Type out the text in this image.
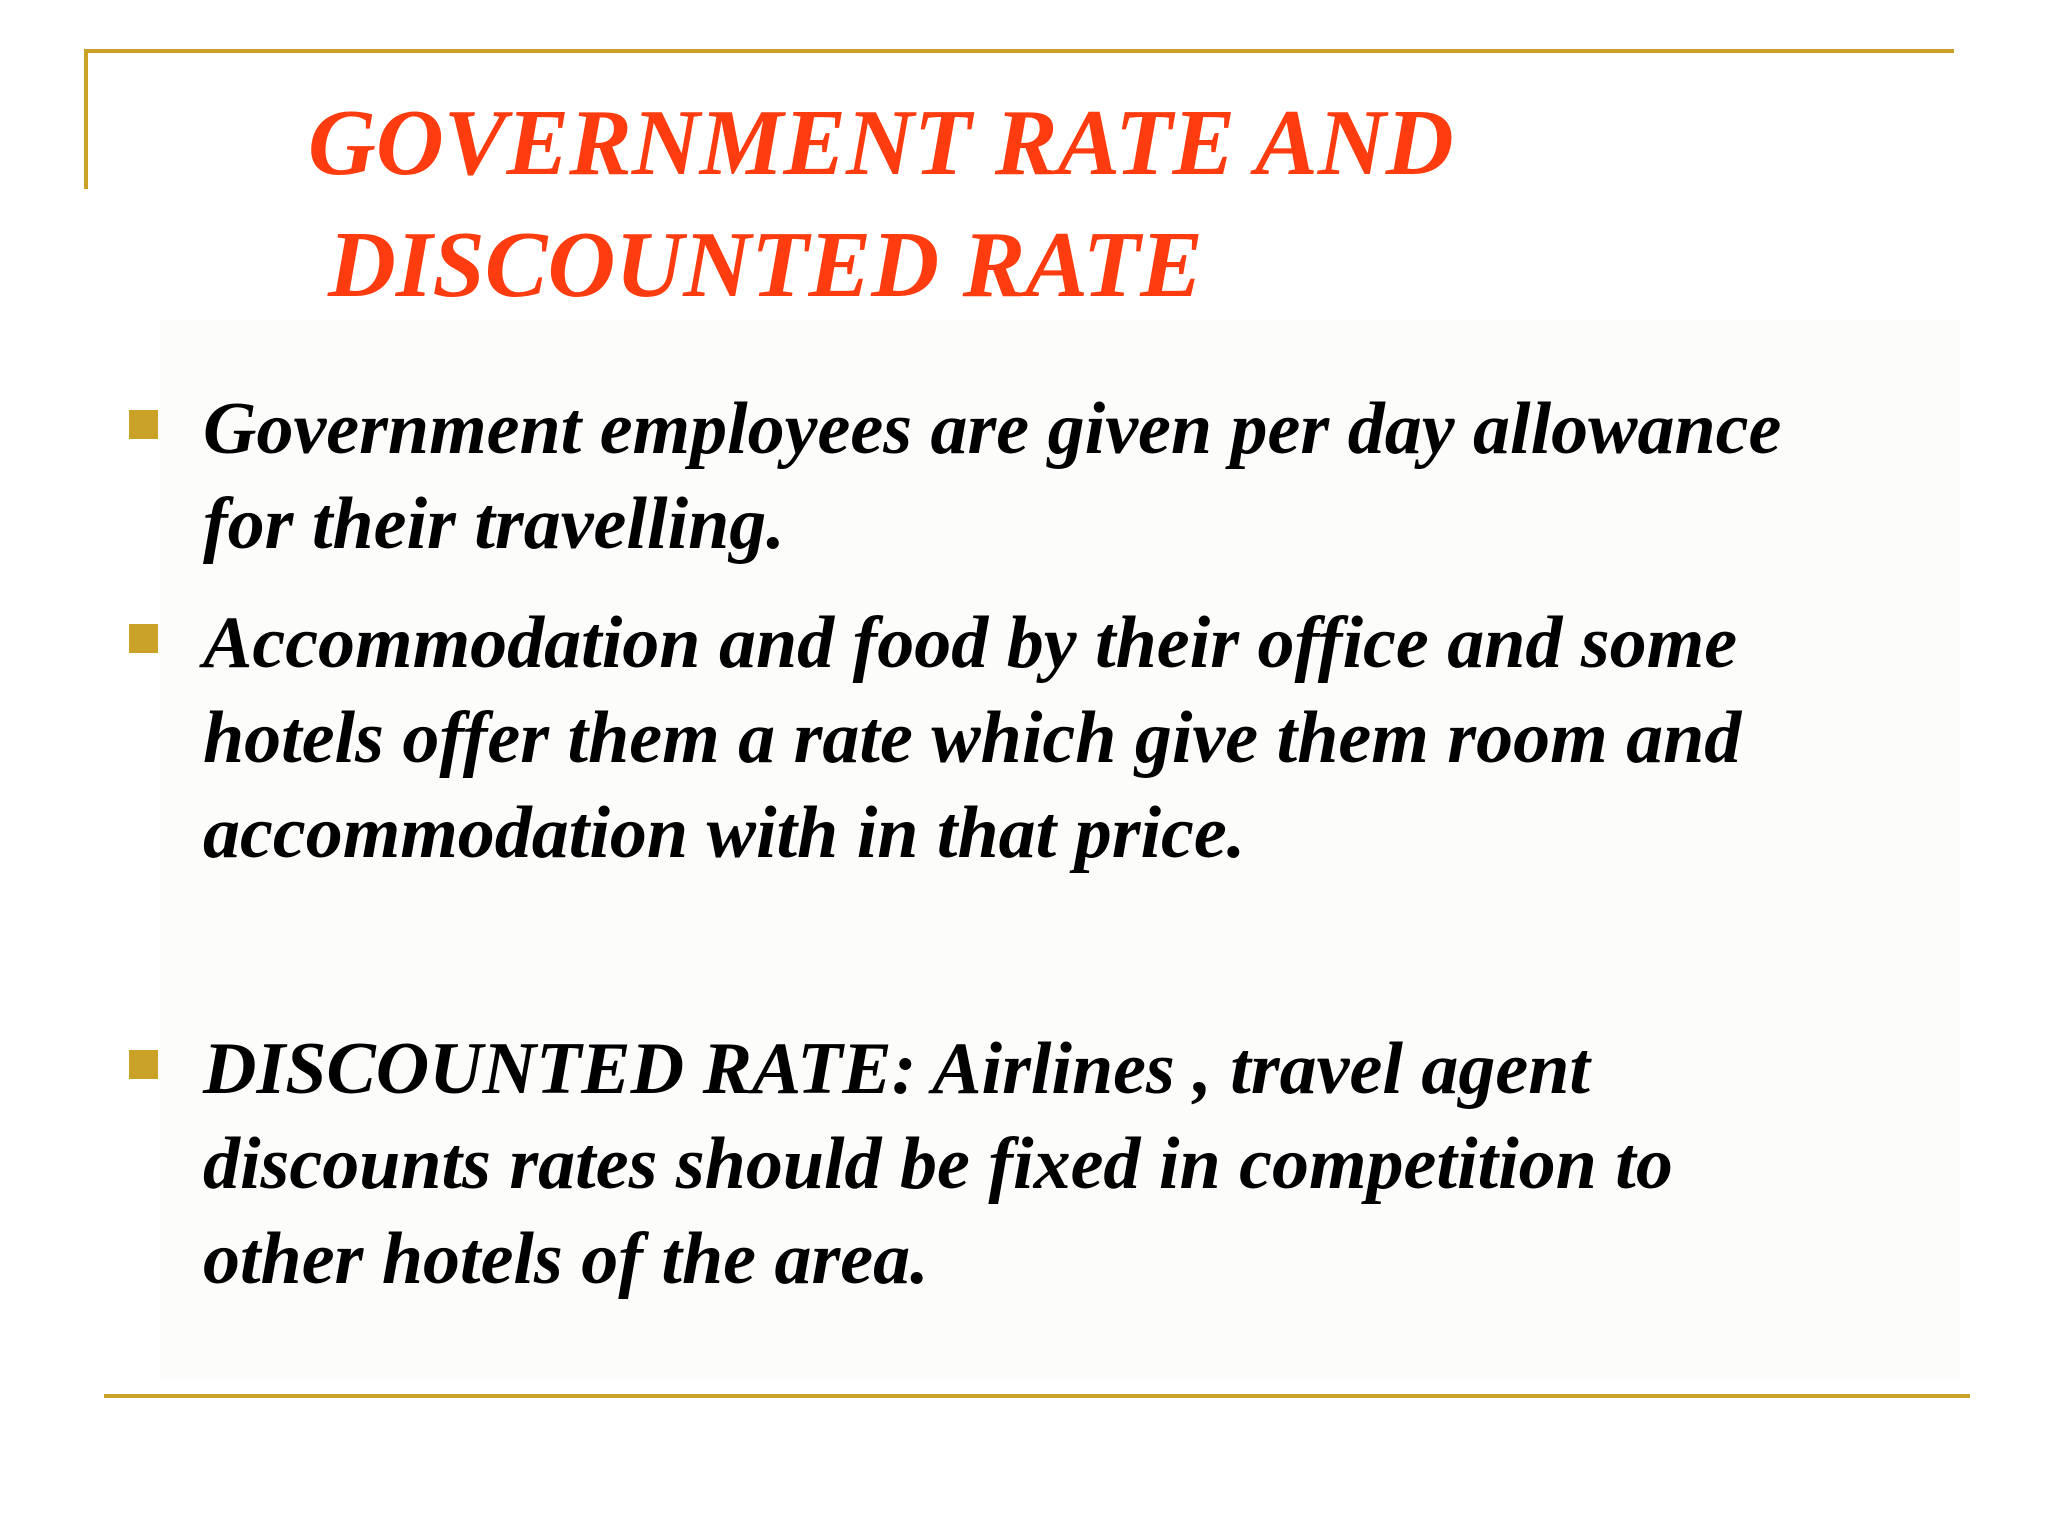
GOVERNMENT RATE AND
DISCOUNTED RATE

Government employees are given per day allowance
for their travelling.

Accommodation and food by their office and some
hotels offer them a rate which give them room and
accommodation with in that price.

DISCOUNTED RATE: Airlines , travel agent
discounts rates should be fixed in competition to
other hotels of the area.
